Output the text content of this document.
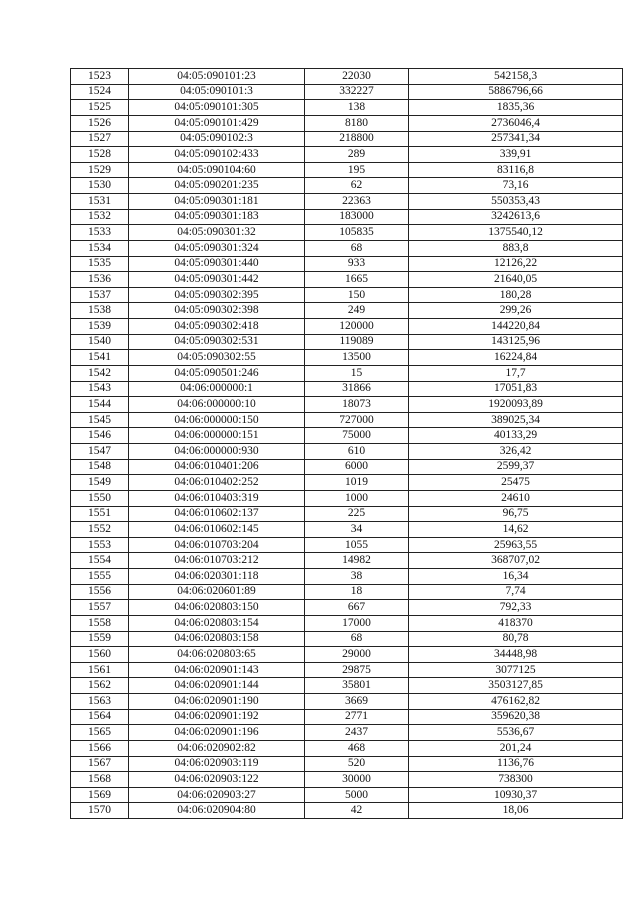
1523	04:05:090101:23	22030	542158,3
1524	04:05:090101:3	332227	5886796,66
1525	04:05:090101:305	138	1835,36
1526	04:05:090101:429	8180	2736046,4
1527	04:05:090102:3	218800	257341,34
1528	04:05:090102:433	289	339,91
1529	04:05:090104:60	195	83116,8
1530	04:05:090201:235	62	73,16
1531	04:05:090301:181	22363	550353,43
1532	04:05:090301:183	183000	3242613,6
1533	04:05:090301:32	105835	1375540,12
1534	04:05:090301:324	68	883,8
1535	04:05:090301:440	933	12126,22
1536	04:05:090301:442	1665	21640,05
1537	04:05:090302:395	150	180,28
1538	04:05:090302:398	249	299,26
1539	04:05:090302:418	120000	144220,84
1540	04:05:090302:531	119089	143125,96
1541	04:05:090302:55	13500	16224,84
1542	04:05:090501:246	15	17,7
1543	04:06:000000:1	31866	17051,83
1544	04:06:000000:10	18073	1920093,89
1545	04:06:000000:150	727000	389025,34
1546	04:06:000000:151	75000	40133,29
1547	04:06:000000:930	610	326,42
1548	04:06:010401:206	6000	2599,37
1549	04:06:010402:252	1019	25475
1550	04:06:010403:319	1000	24610
1551	04:06:010602:137	225	96,75
1552	04:06:010602:145	34	14,62
1553	04:06:010703:204	1055	25963,55
1554	04:06:010703:212	14982	368707,02
1555	04:06:020301:118	38	16,34
1556	04:06:020601:89	18	7,74
1557	04:06:020803:150	667	792,33
1558	04:06:020803:154	17000	418370
1559	04:06:020803:158	68	80,78
1560	04:06:020803:65	29000	34448,98
1561	04:06:020901:143	29875	3077125
1562	04:06:020901:144	35801	3503127,85
1563	04:06:020901:190	3669	476162,82
1564	04:06:020901:192	2771	359620,38
1565	04:06:020901:196	2437	5536,67
1566	04:06:020902:82	468	201,24
1567	04:06:020903:119	520	1136,76
1568	04:06:020903:122	30000	738300
1569	04:06:020903:27	5000	10930,37
1570	04:06:020904:80	42	18,06
